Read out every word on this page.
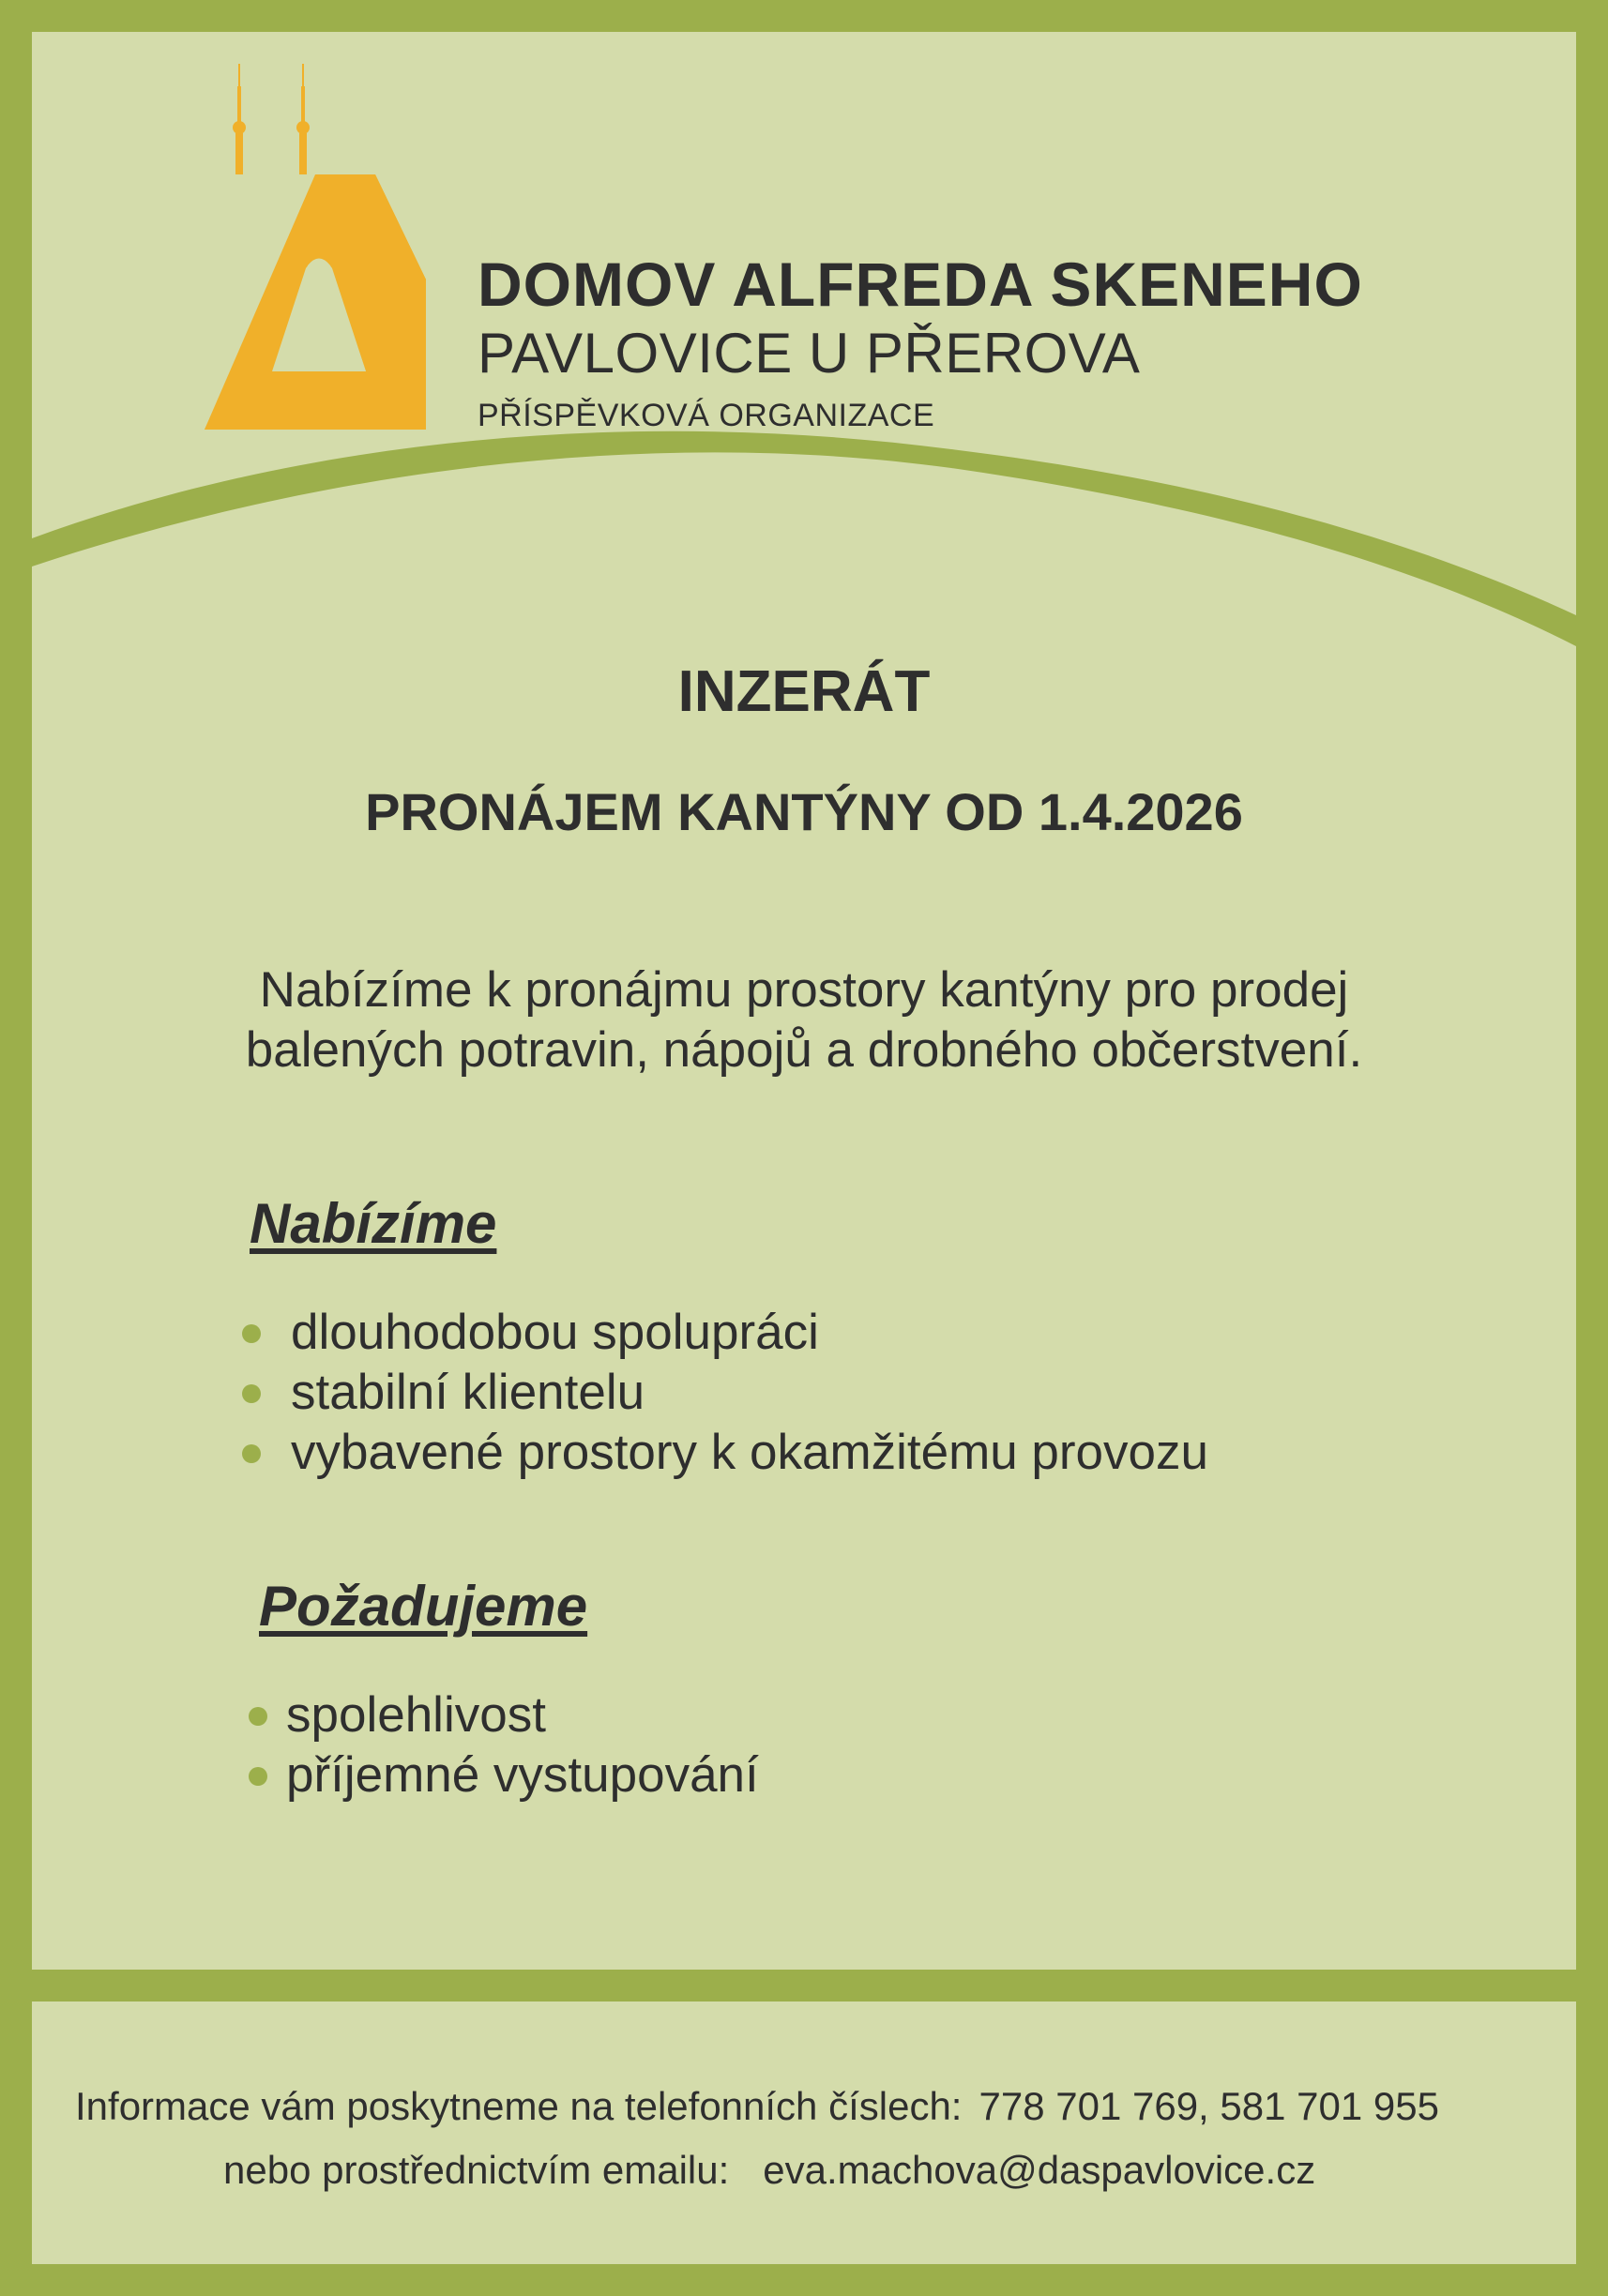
DOMOV ALFREDA SKENEHO
PAVLOVICE U PŘEROVA
PŘÍSPĚVKOVÁ ORGANIZACE
INZERÁT
PRONÁJEM KANTÝNY OD 1.4.2026
Nabízíme k pronájmu prostory kantýny pro prodej
balených potravin, nápojů a drobného občerstvení.
Nabízíme
dlouhodobou spolupráci
stabilní klientelu
vybavené prostory k okamžitému provozu
Požadujeme
spolehlivost
příjemné vystupování
Informace vám poskytneme na telefonních číslech: 778 701 769, 581 701 955
nebo prostřednictvím emailu: eva.machova@daspavlovice.cz
